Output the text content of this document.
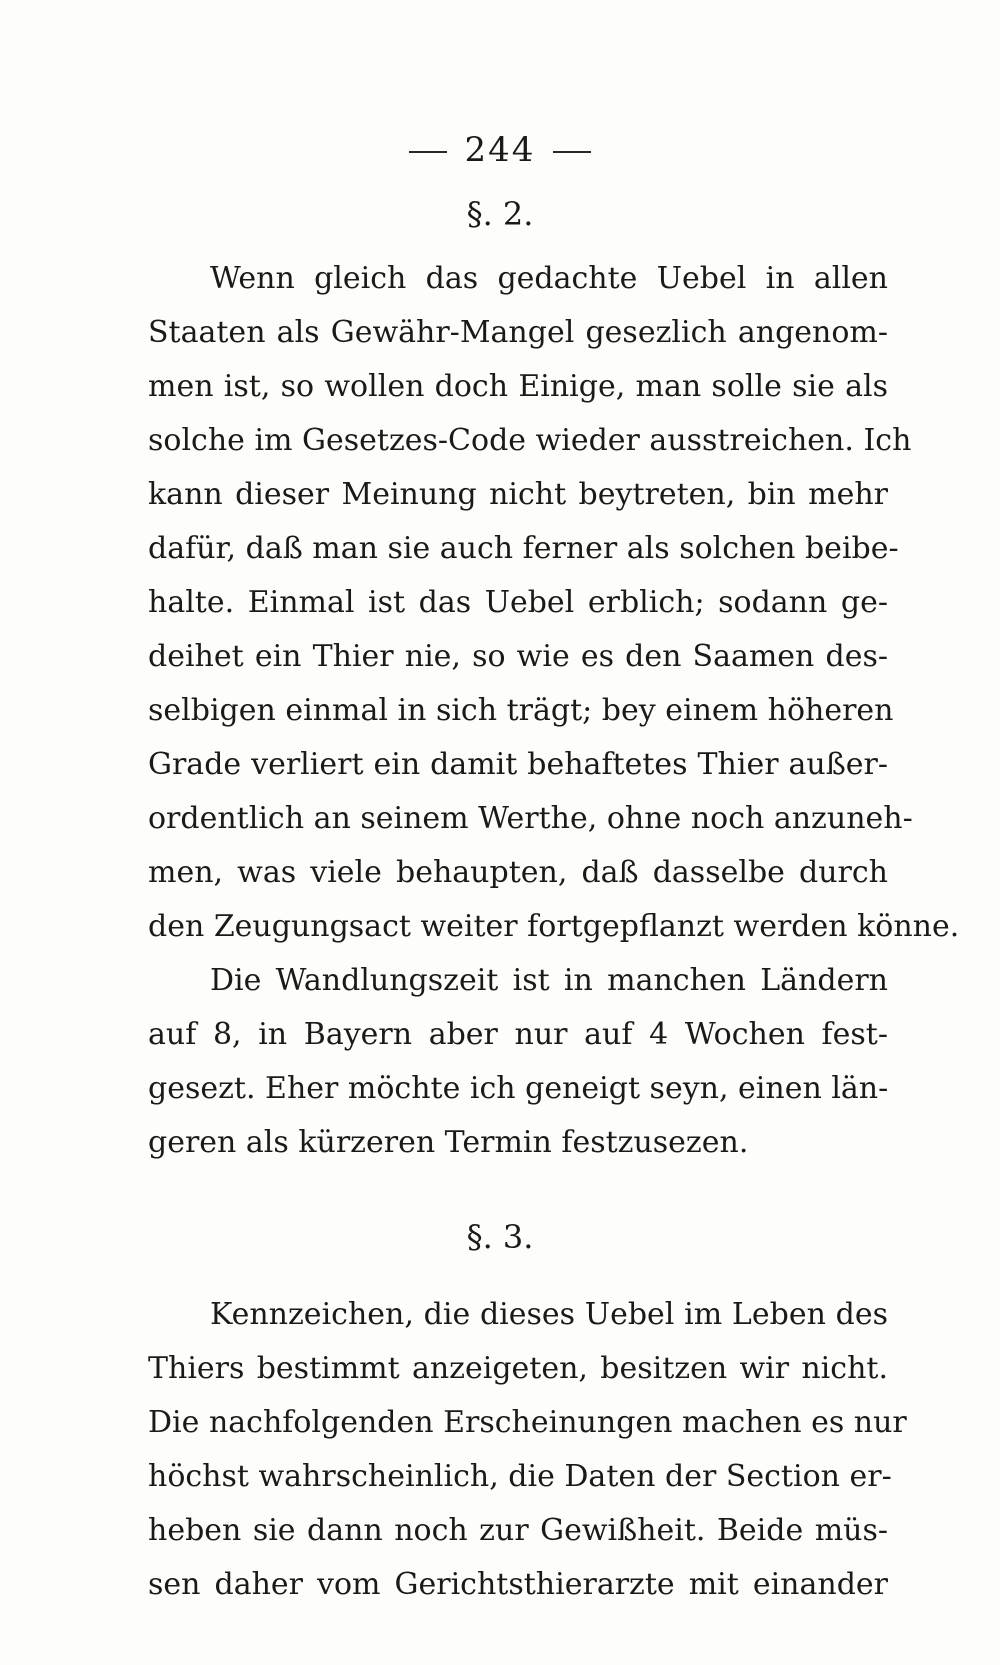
244
§. 2.
Wenn gleich das gedachte Uebel in allen
Staaten als Gewähr-Mangel gesezlich angenom-
men ist, so wollen doch Einige, man solle sie als
solche im Gesetzes-Code wieder ausstreichen. Ich
kann dieser Meinung nicht beytreten, bin mehr
dafür, daß man sie auch ferner als solchen beibe-
halte. Einmal ist das Uebel erblich; sodann ge-
deihet ein Thier nie, so wie es den Saamen des-
selbigen einmal in sich trägt; bey einem höheren
Grade verliert ein damit behaftetes Thier außer-
ordentlich an seinem Werthe, ohne noch anzuneh-
men, was viele behaupten, daß dasselbe durch
den Zeugungsact weiter fortgepflanzt werden könne.
Die Wandlungszeit ist in manchen Ländern
auf 8, in Bayern aber nur auf 4 Wochen fest-
gesezt. Eher möchte ich geneigt seyn, einen län-
geren als kürzeren Termin festzusezen.
§. 3.
Kennzeichen, die dieses Uebel im Leben des
Thiers bestimmt anzeigeten, besitzen wir nicht.
Die nachfolgenden Erscheinungen machen es nur
höchst wahrscheinlich, die Daten der Section er-
heben sie dann noch zur Gewißheit. Beide müs-
sen daher vom Gerichtsthierarzte mit einander
